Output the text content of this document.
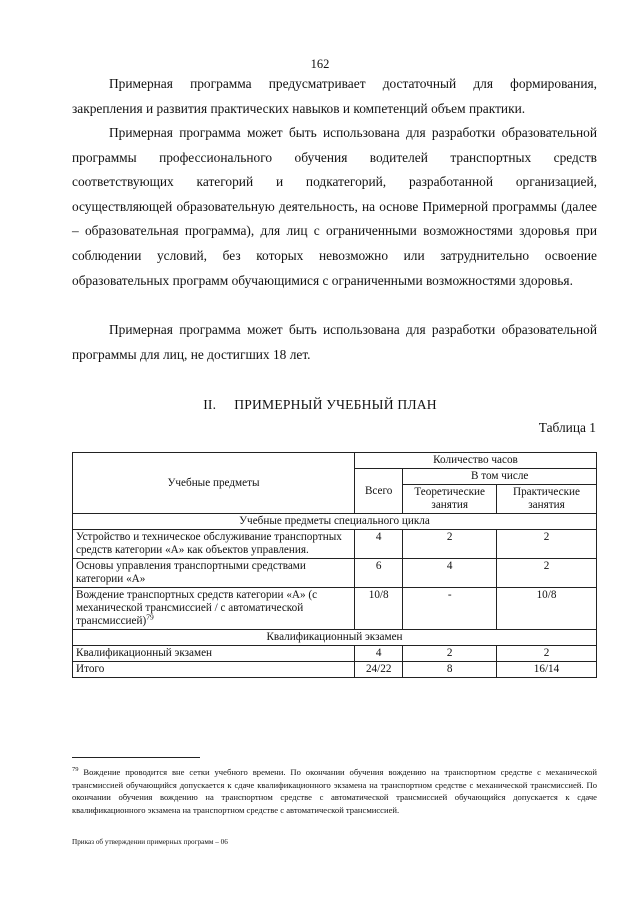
162

Примерная программа предусматривает достаточный для формирования, закрепления и развития практических навыков и компетенций объем практики.

Примерная программа может быть использована для разработки образовательной программы профессионального обучения водителей транспортных средств соответствующих категорий и подкатегорий, разработанной организацией, осуществляющей образовательную деятельность, на основе Примерной программы (далее – образовательная программа), для лиц с ограниченными возможностями здоровья при соблюдении условий, без которых невозможно или затруднительно освоение образовательных программ обучающимися с ограниченными возможностями здоровья.

Примерная программа может быть использована для разработки образовательной программы для лиц, не достигших 18 лет.

II. ПРИМЕРНЫЙ УЧЕБНЫЙ ПЛАН
Таблица 1
Учебные предметы	Количество часов		
	Всего	В том числе	
		Теоретические занятия	Практические занятия
Учебные предметы специального цикла			
Устройство и техническое обслуживание транспортных средств категории «А» как объектов управления.	4	2	2
Основы управления транспортными средствами категории «А»	6	4	2
Вождение транспортных средств категории «А» (с механической трансмиссией / с автоматической трансмиссией)$^{79}$	10/8	-	10/8
Квалификационный экзамен			
Квалификационный экзамен	4	2	2
Итого	24/22	8	16/14

$^{79}$ Вождение проводится вне сетки учебного времени. По окончании обучения вождению на транспортном средстве с механической трансмиссией обучающийся допускается к сдаче квалификационного экзамена на транспортном средстве с механической трансмиссией. По окончании обучения вождению на транспортном средстве с автоматической трансмиссией обучающийся допускается к сдаче квалификационного экзамена на транспортном средстве с автоматической трансмиссией.

Приказ об утверждении примерных программ – 06
